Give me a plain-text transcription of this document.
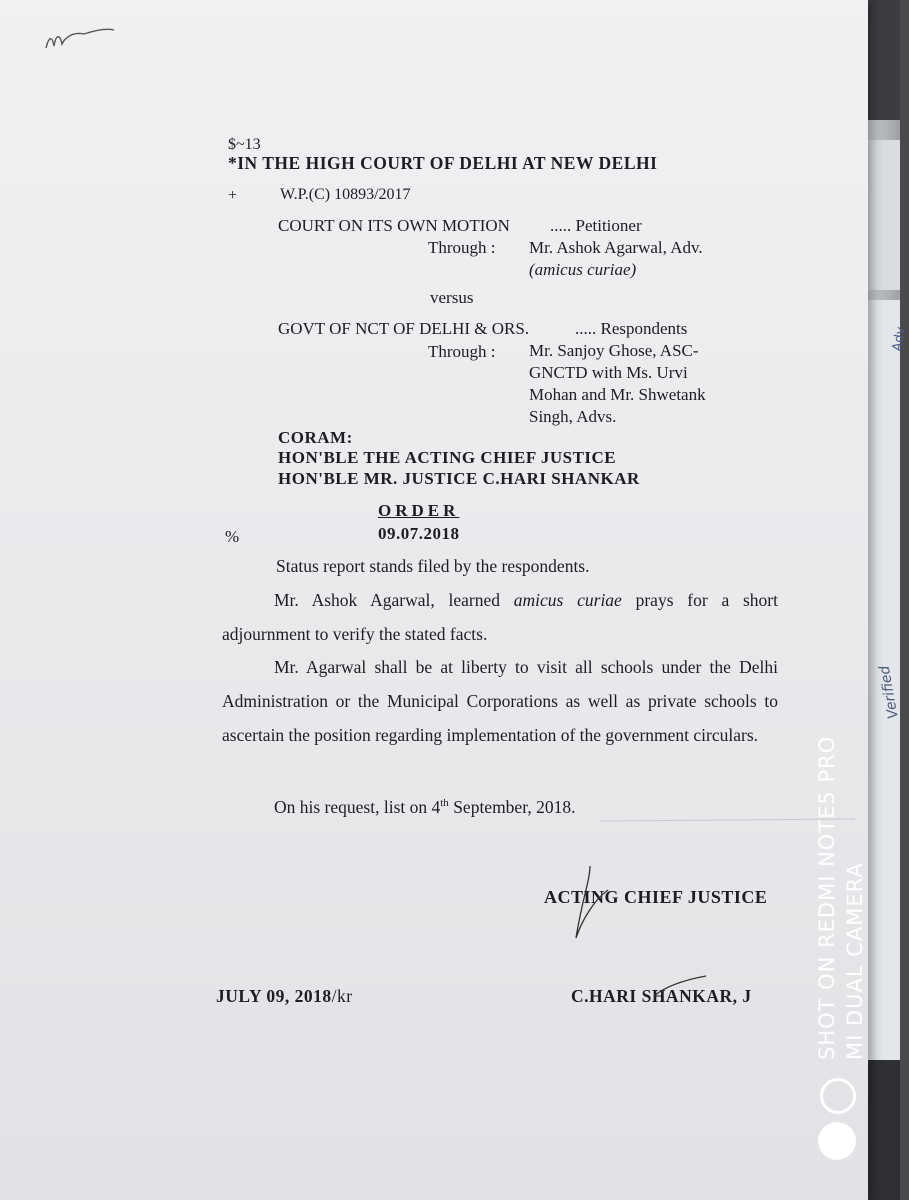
Adv
Verified
$~13
*IN THE HIGH COURT OF DELHI AT NEW DELHI
+	W.P.(C) 10893/2017
COURT ON ITS OWN MOTION ..... Petitioner
Through : Mr. Ashok Agarwal, Adv.
(amicus curiae)
versus
GOVT OF NCT OF DELHI & ORS.	..... Respondents
Through : Mr. Sanjoy Ghose, ASC-
GNCTD with Ms. Urvi
Mohan and Mr. Shwetank
Singh, Advs.
CORAM:
HON'BLE THE ACTING CHIEF JUSTICE
HON'BLE MR. JUSTICE C.HARI SHANKAR
ORDER
09.07.2018
%
Status report stands filed by the respondents.
Mr. Ashok Agarwal, learned amicus curiae prays for a short adjournment to verify the stated facts.
Mr. Agarwal shall be at liberty to visit all schools under the Delhi Administration or the Municipal Corporations as well as private schools to ascertain the position regarding implementation of the government circulars.
On his request, list on 4th September, 2018.
ACTING CHIEF JUSTICE
JULY 09, 2018/kr	C.HARI SHANKAR, J	SHOT ON REDMI NOTE5 PRO MI DUAL CAMERA
